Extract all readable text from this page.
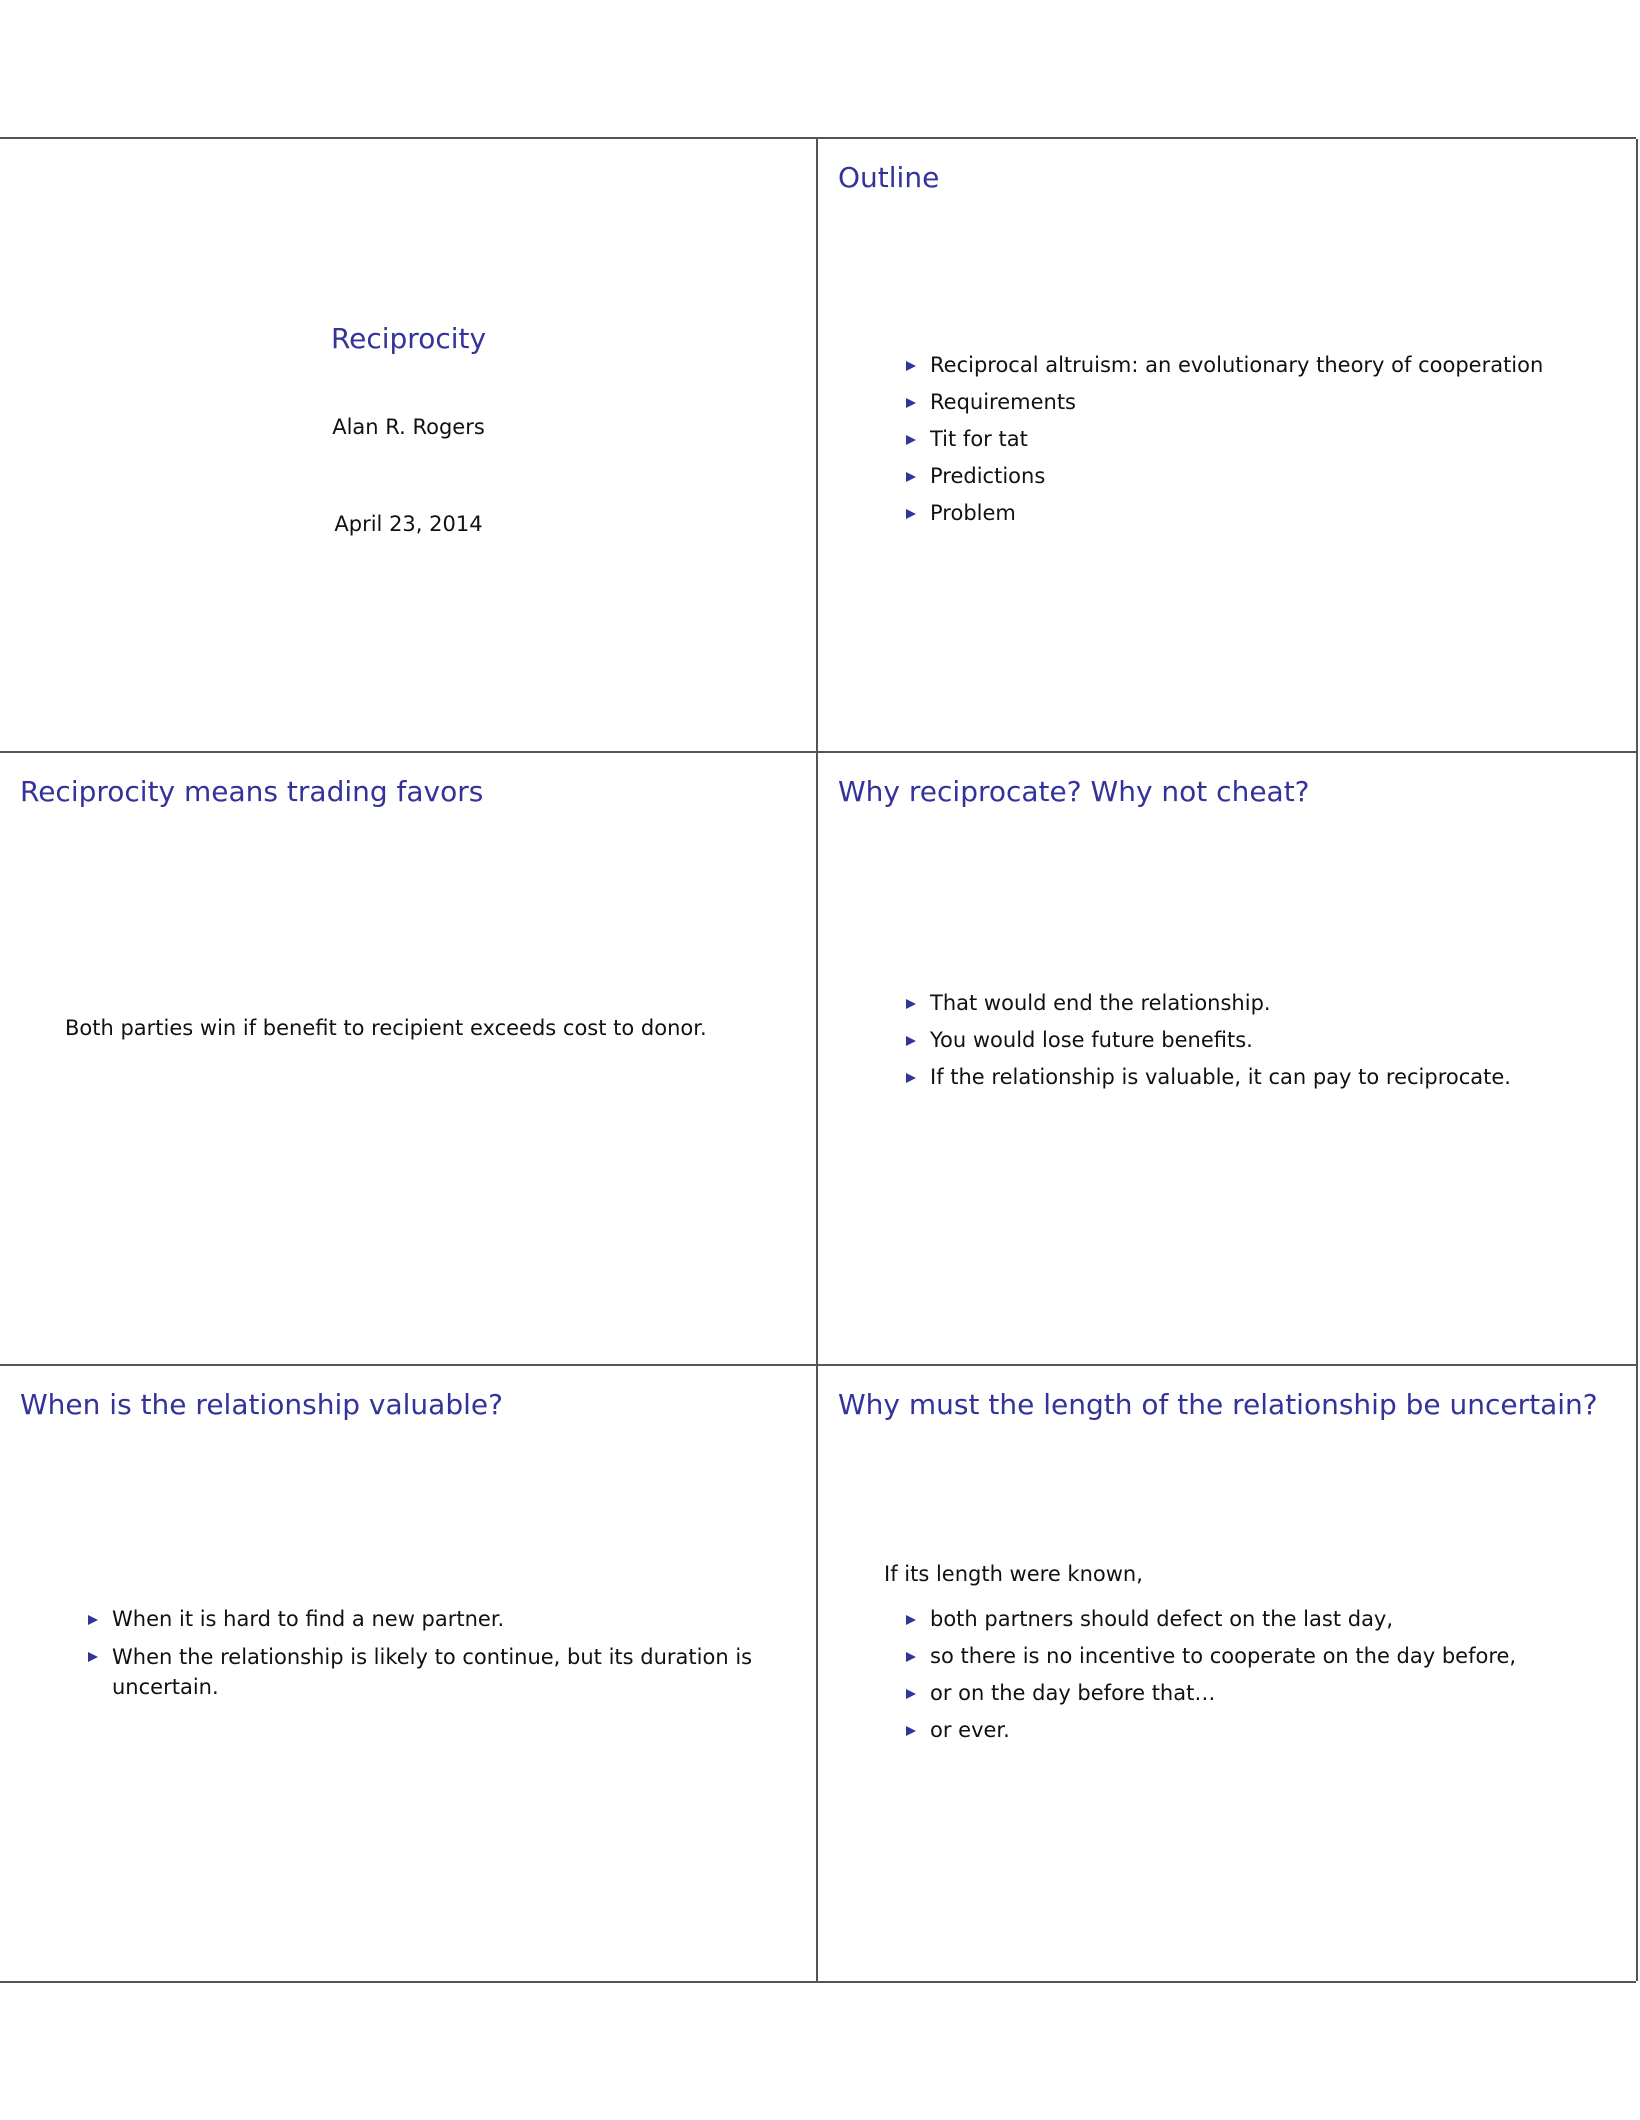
Reciprocity
Alan R. Rogers
April 23, 2014
Outline
Reciprocal altruism: an evolutionary theory of cooperation
Requirements
Tit for tat
Predictions
Problem
Reciprocity means trading favors
Both parties win if benefit to recipient exceeds cost to donor.
Why reciprocate? Why not cheat?
That would end the relationship.
You would lose future benefits.
If the relationship is valuable, it can pay to reciprocate.
When is the relationship valuable?
When it is hard to find a new partner.
When the relationship is likely to continue, but its duration is
uncertain.
Why must the length of the relationship be uncertain?
If its length were known,
both partners should defect on the last day,
so there is no incentive to cooperate on the day before,
or on the day before that…
or ever.
